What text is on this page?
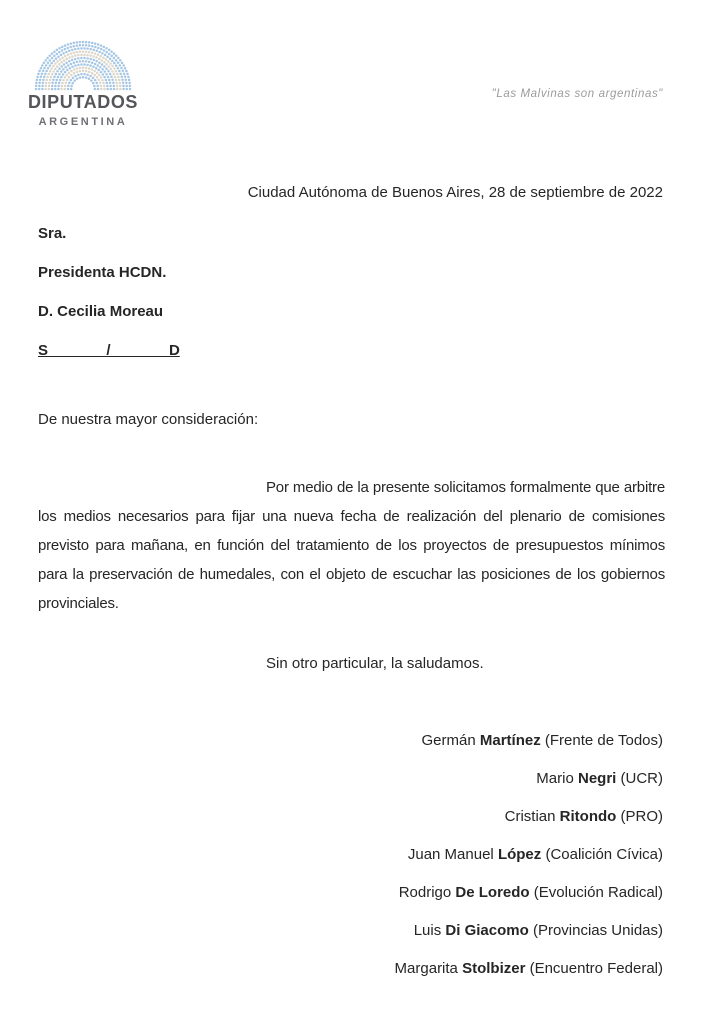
DIPUTADOS
ARGENTINA
"Las Malvinas son argentinas"
Ciudad Autónoma de Buenos Aires, 28 de septiembre de 2022
Sra.
Presidenta HCDN.
D. Cecilia Moreau
S_______/_______D
De nuestra mayor consideración:
Por medio de la presente solicitamos formalmente que arbitre los medios necesarios para fijar una nueva fecha de realización del plenario de comisiones previsto para mañana, en función del tratamiento de los proyectos de presupuestos mínimos para la preservación de humedales, con el objeto de escuchar las posiciones de los gobiernos provinciales.
Sin otro particular, la saludamos.
Germán Martínez (Frente de Todos)
Mario Negri (UCR)
Cristian Ritondo (PRO)
Juan Manuel López (Coalición Cívica)
Rodrigo De Loredo (Evolución Radical)
Luis Di Giacomo (Provincias Unidas)
Margarita Stolbizer (Encuentro Federal)
